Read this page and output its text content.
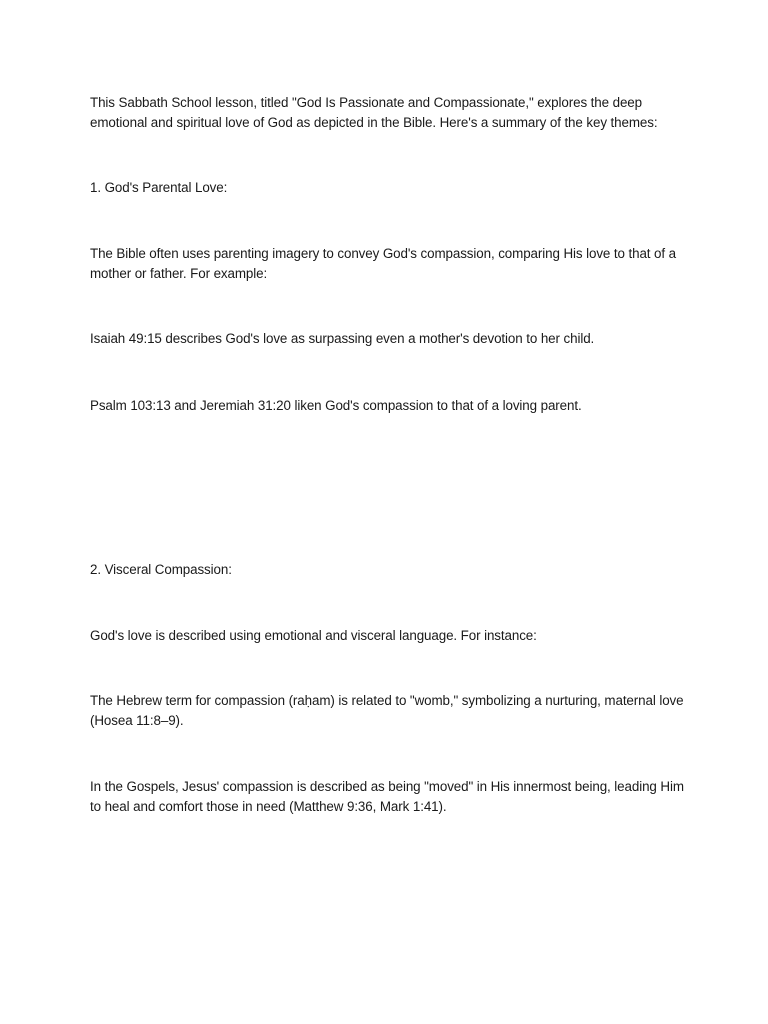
This Sabbath School lesson, titled "God Is Passionate and Compassionate," explores the deep emotional and spiritual love of God as depicted in the Bible. Here's a summary of the key themes:

1. God's Parental Love:

The Bible often uses parenting imagery to convey God's compassion, comparing His love to that of a mother or father. For example:

Isaiah 49:15 describes God's love as surpassing even a mother's devotion to her child.

Psalm 103:13 and Jeremiah 31:20 liken God's compassion to that of a loving parent.

2. Visceral Compassion:

God's love is described using emotional and visceral language. For instance:

The Hebrew term for compassion (raḥam) is related to "womb," symbolizing a nurturing, maternal love (Hosea 11:8–9).

In the Gospels, Jesus' compassion is described as being "moved" in His innermost being, leading Him to heal and comfort those in need (Matthew 9:36, Mark 1:41).
